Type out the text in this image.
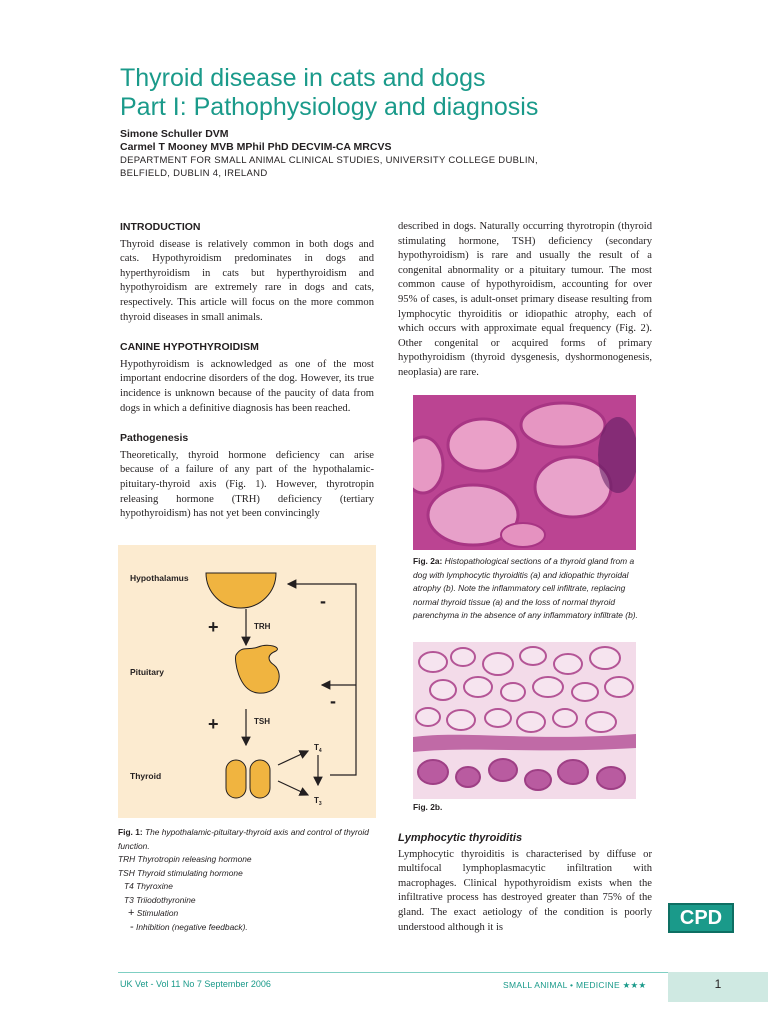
Thyroid disease in cats and dogs
Part I: Pathophysiology and diagnosis
Simone Schuller DVM
Carmel T Mooney MVB MPhil PhD DECVIM-CA MRCVS
DEPARTMENT FOR SMALL ANIMAL CLINICAL STUDIES, UNIVERSITY COLLEGE DUBLIN,
BELFIELD, DUBLIN 4, IRELAND
INTRODUCTION

Thyroid disease is relatively common in both dogs and cats. Hypothyroidism predominates in dogs and hyperthyroidism in cats but hyperthyroidism and hypothyroidism are extremely rare in dogs and cats, respectively. This article will focus on the more common thyroid diseases in small animals.

CANINE HYPOTHYROIDISM

Hypothyroidism is acknowledged as one of the most important endocrine disorders of the dog. However, its true incidence is unknown because of the paucity of data from dogs in which a definitive diagnosis has been reached.

Pathogenesis

Theoretically, thyroid hormone deficiency can arise because of a failure of any part of the hypothalamic-pituitary-thyroid axis (Fig. 1). However, thyrotropin releasing hormone (TRH) deficiency (tertiary hypothyroidism) has not yet been convincingly

Hypothalamus
Pituitary
Thyroid
TRH
TSH
+
+
-
-
$T_4$
$T_3$
Fig. 1: The hypothalamic-pituitary-thyroid axis and control of thyroid function.
TRH Thyrotropin releasing hormone
TSH Thyroid stimulating hormone
T4 Thyroxine
T3 Triiodothyronine
+ Stimulation
- Inhibition (negative feedback).

described in dogs. Naturally occurring thyrotropin (thyroid stimulating hormone, TSH) deficiency (secondary hypothyroidism) is rare and usually the result of a congenital abnormality or a pituitary tumour. The most common cause of hypothyroidism, accounting for over 95% of cases, is adult-onset primary disease resulting from lymphocytic thyroiditis or idiopathic atrophy, each of which occurs with approximate equal frequency (Fig. 2). Other congenital or acquired forms of primary hypothyroidism (thyroid dysgenesis, dyshormonogenesis, neoplasia) are rare.

Fig. 2a: Histopathological sections of a thyroid gland from a dog with lymphocytic thyroiditis (a) and idiopathic thyroidal atrophy (b). Note the inflammatory cell infiltrate, replacing normal thyroid tissue (a) and the loss of normal thyroid parenchyma in the absence of any inflammatory infiltrate (b).
Fig. 2b.
Lymphocytic thyroiditis

Lymphocytic thyroiditis is characterised by diffuse or multifocal lymphoplasmacytic infiltration with macrophages. Clinical hypothyroidism exists when the infiltrative process has destroyed greater than 75% of the gland. The exact aetiology of the condition is poorly understood although it is	CPD
UK Vet - Vol 11 No 7 September 2006	SMALL ANIMAL • MEDICINE ★★★	1
